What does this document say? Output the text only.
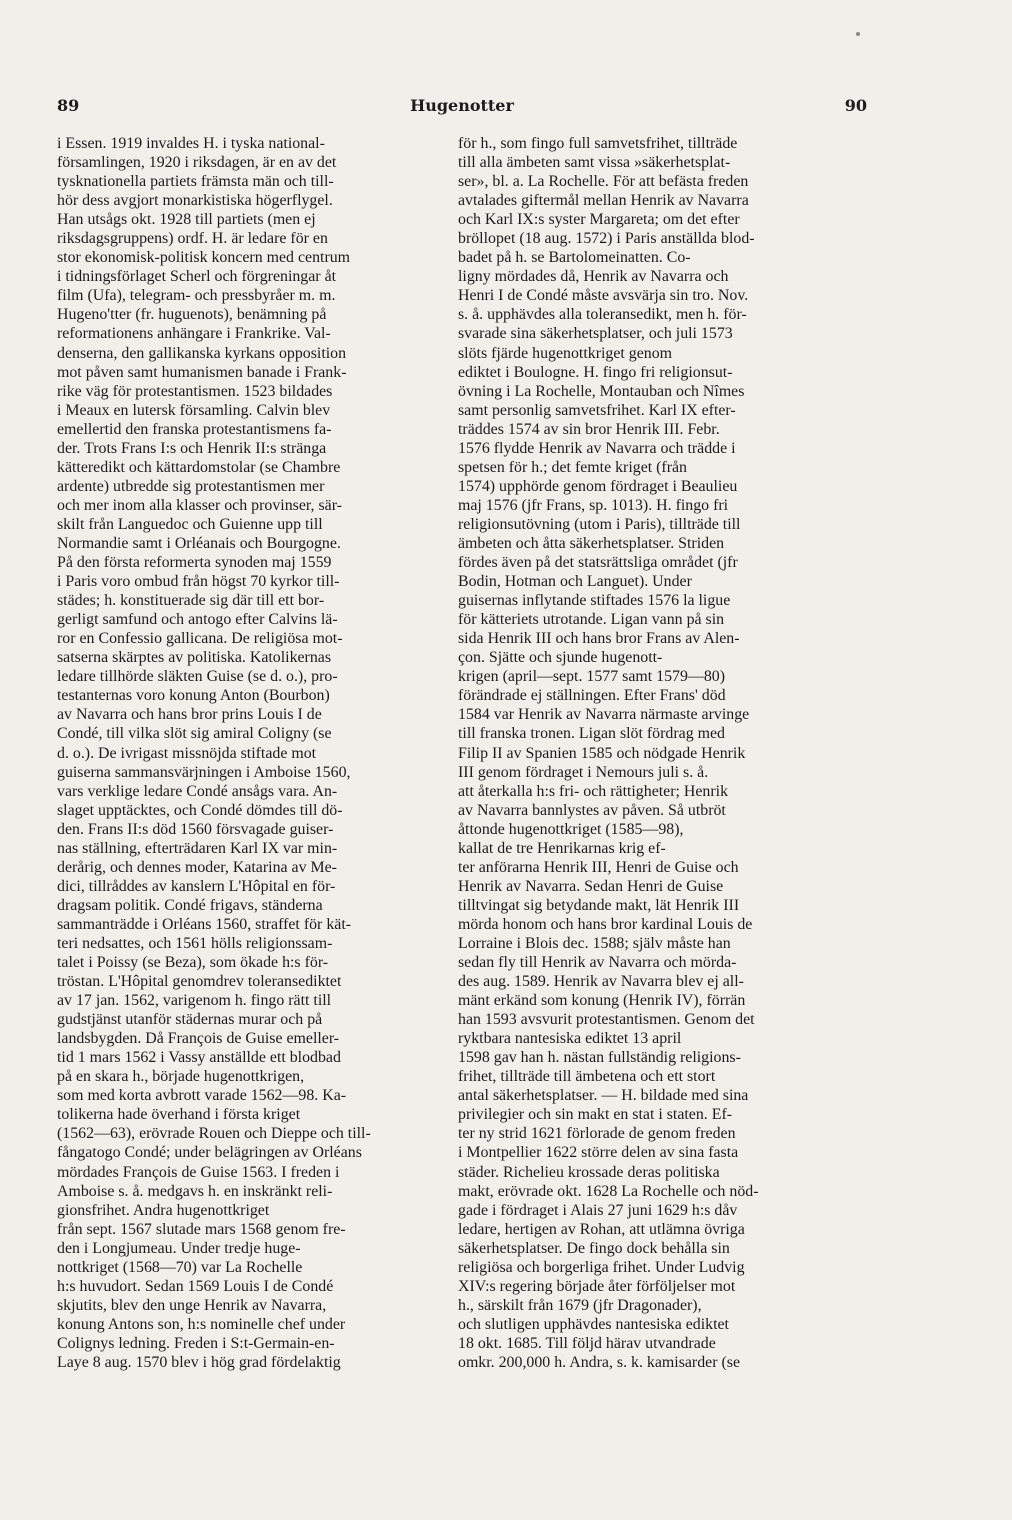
89	Hugenotter	90
i Essen. 1919 invaldes H. i tyska national-
församlingen, 1920 i riksdagen, är en av det
tysknationella partiets främsta män och till-
hör dess avgjort monarkistiska högerflygel.
Han utsågs okt. 1928 till partiets (men ej
riksdagsgruppens) ordf. H. är ledare för en
stor ekonomisk-politisk koncern med centrum
i tidningsförlaget Scherl och förgreningar åt
film (Ufa), telegram- och pressbyråer m. m.
Hugeno'tter (fr. huguenots), benämning på
reformationens anhängare i Frankrike. Val-
denserna, den gallikanska kyrkans opposition
mot påven samt humanismen banade i Frank-
rike väg för protestantismen. 1523 bildades
i Meaux en lutersk församling. Calvin blev
emellertid den franska protestantismens fa-
der. Trots Frans I:s och Henrik II:s stränga
kätteredikt och kättardomstolar (se Chambre
ardente) utbredde sig protestantismen mer
och mer inom alla klasser och provinser, sär-
skilt från Languedoc och Guienne upp till
Normandie samt i Orléanais och Bourgogne.
På den första reformerta synoden maj 1559
i Paris voro ombud från högst 70 kyrkor till-
städes; h. konstituerade sig där till ett bor-
gerligt samfund och antogo efter Calvins lä-
ror en Confessio gallicana. De religiösa mot-
satserna skärptes av politiska. Katolikernas
ledare tillhörde släkten Guise (se d. o.), pro-
testanternas voro konung Anton (Bourbon)
av Navarra och hans bror prins Louis I de
Condé, till vilka slöt sig amiral Coligny (se
d. o.). De ivrigast missnöjda stiftade mot
guiserna sammansvärjningen i Amboise 1560,
vars verklige ledare Condé ansågs vara. An-
slaget upptäcktes, och Condé dömdes till dö-
den. Frans II:s död 1560 försvagade guiser-
nas ställning, efterträdaren Karl IX var min-
derårig, och dennes moder, Katarina av Me-
dici, tillråddes av kanslern L'Hôpital en för-
dragsam politik. Condé frigavs, ständerna
sammanträdde i Orléans 1560, straffet för kät-
teri nedsattes, och 1561 hölls religionssam-
talet i Poissy (se Beza), som ökade h:s för-
tröstan. L'Hôpital genomdrev toleransediktet
av 17 jan. 1562, varigenom h. fingo rätt till
gudstjänst utanför städernas murar och på
landsbygden. Då François de Guise emeller-
tid 1 mars 1562 i Vassy anställde ett blodbad
på en skara h., började hugenottkrigen,
som med korta avbrott varade 1562—98. Ka-
tolikerna hade överhand i första kriget
(1562—63), erövrade Rouen och Dieppe och till-
fångatogo Condé; under belägringen av Orléans
mördades François de Guise 1563. I freden i
Amboise s. å. medgavs h. en inskränkt reli-
gionsfrihet. Andra hugenottkriget
från sept. 1567 slutade mars 1568 genom fre-
den i Longjumeau. Under tredje huge-
nottkriget (1568—70) var La Rochelle
h:s huvudort. Sedan 1569 Louis I de Condé
skjutits, blev den unge Henrik av Navarra,
konung Antons son, h:s nominelle chef under
Colignys ledning. Freden i S:t-Germain-en-
Laye 8 aug. 1570 blev i hög grad fördelaktig
för h., som fingo full samvetsfrihet, tillträde
till alla ämbeten samt vissa »säkerhetsplat-
ser», bl. a. La Rochelle. För att befästa freden
avtalades giftermål mellan Henrik av Navarra
och Karl IX:s syster Margareta; om det efter
bröllopet (18 aug. 1572) i Paris anställda blod-
badet på h. se Bartolomeinatten. Co-
ligny mördades då, Henrik av Navarra och
Henri I de Condé måste avsvärja sin tro. Nov.
s. å. upphävdes alla toleransedikt, men h. för-
svarade sina säkerhetsplatser, och juli 1573
slöts fjärde hugenottkriget genom
ediktet i Boulogne. H. fingo fri religionsut-
övning i La Rochelle, Montauban och Nîmes
samt personlig samvetsfrihet. Karl IX efter-
träddes 1574 av sin bror Henrik III. Febr.
1576 flydde Henrik av Navarra och trädde i
spetsen för h.; det femte kriget (från
1574) upphörde genom fördraget i Beaulieu
maj 1576 (jfr Frans, sp. 1013). H. fingo fri
religionsutövning (utom i Paris), tillträde till
ämbeten och åtta säkerhetsplatser. Striden
fördes även på det statsrättsliga området (jfr
Bodin, Hotman och Languet). Under
guisernas inflytande stiftades 1576 la ligue
för kätteriets utrotande. Ligan vann på sin
sida Henrik III och hans bror Frans av Alen-
çon. Sjätte och sjunde hugenott-
krigen (april—sept. 1577 samt 1579—80)
förändrade ej ställningen. Efter Frans' död
1584 var Henrik av Navarra närmaste arvinge
till franska tronen. Ligan slöt fördrag med
Filip II av Spanien 1585 och nödgade Henrik
III genom fördraget i Nemours juli s. å.
att återkalla h:s fri- och rättigheter; Henrik
av Navarra bannlystes av påven. Så utbröt
åttonde hugenottkriget (1585—98),
kallat de tre Henrikarnas krig ef-
ter anförarna Henrik III, Henri de Guise och
Henrik av Navarra. Sedan Henri de Guise
tilltvingat sig betydande makt, lät Henrik III
mörda honom och hans bror kardinal Louis de
Lorraine i Blois dec. 1588; själv måste han
sedan fly till Henrik av Navarra och mörda-
des aug. 1589. Henrik av Navarra blev ej all-
mänt erkänd som konung (Henrik IV), förrän
han 1593 avsvurit protestantismen. Genom det
ryktbara nantesiska ediktet 13 april
1598 gav han h. nästan fullständig religions-
frihet, tillträde till ämbetena och ett stort
antal säkerhetsplatser. — H. bildade med sina
privilegier och sin makt en stat i staten. Ef-
ter ny strid 1621 förlorade de genom freden
i Montpellier 1622 större delen av sina fasta
städer. Richelieu krossade deras politiska
makt, erövrade okt. 1628 La Rochelle och nöd-
gade i fördraget i Alais 27 juni 1629 h:s dåv
ledare, hertigen av Rohan, att utlämna övriga
säkerhetsplatser. De fingo dock behålla sin
religiösa och borgerliga frihet. Under Ludvig
XIV:s regering började åter förföljelser mot
h., särskilt från 1679 (jfr Dragonader),
och slutligen upphävdes nantesiska ediktet
18 okt. 1685. Till följd härav utvandrade
omkr. 200,000 h. Andra, s. k. kamisarder (se
